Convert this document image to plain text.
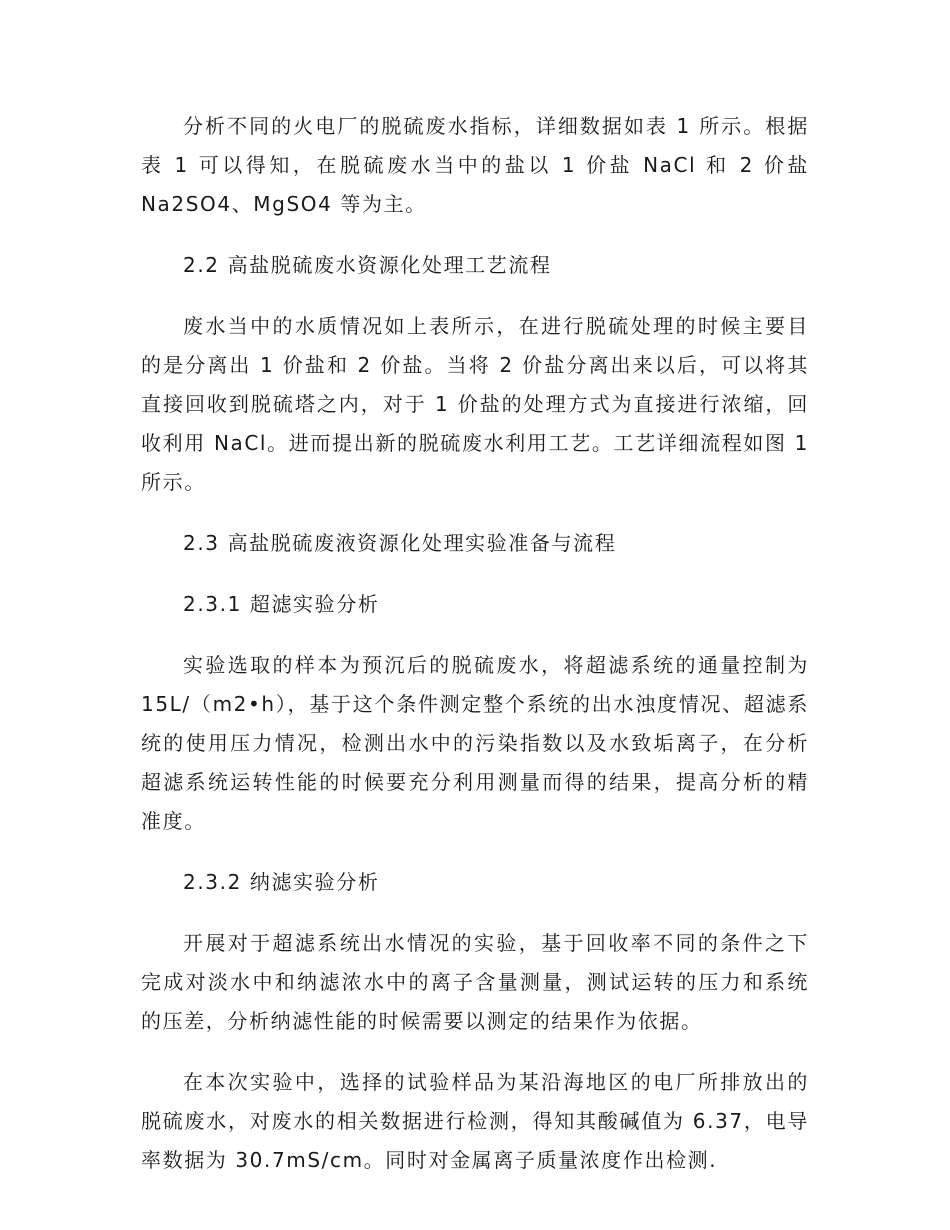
分析不同的火电厂的脱硫废水指标，详细数据如表 1 所示。根据表 1 可以得知，在脱硫废水当中的盐以 1 价盐 NaCl 和 2 价盐 Na2SO4、MgSO4 等为主。

2.2 高盐脱硫废水资源化处理工艺流程

废水当中的水质情况如上表所示，在进行脱硫处理的时候主要目的是分离出 1 价盐和 2 价盐。当将 2 价盐分离出来以后，可以将其直接回收到脱硫塔之内，对于 1 价盐的处理方式为直接进行浓缩，回收利用 NaCl。进而提出新的脱硫废水利用工艺。工艺详细流程如图 1 所示。

2.3 高盐脱硫废液资源化处理实验准备与流程

2.3.1 超滤实验分析

实验选取的样本为预沉后的脱硫废水，将超滤系统的通量控制为 15L/（m2•h），基于这个条件测定整个系统的出水浊度情况、超滤系统的使用压力情况，检测出水中的污染指数以及水致垢离子，在分析超滤系统运转性能的时候要充分利用测量而得的结果，提高分析的精准度。

2.3.2 纳滤实验分析

开展对于超滤系统出水情况的实验，基于回收率不同的条件之下完成对淡水中和纳滤浓水中的离子含量测量，测试运转的压力和系统的压差，分析纳滤性能的时候需要以测定的结果作为依据。

在本次实验中，选择的试验样品为某沿海地区的电厂所排放出的脱硫废水，对废水的相关数据进行检测，得知其酸碱值为 6.37，电导率数据为 30.7mS/cm。同时对金属离子质量浓度作出检测.
